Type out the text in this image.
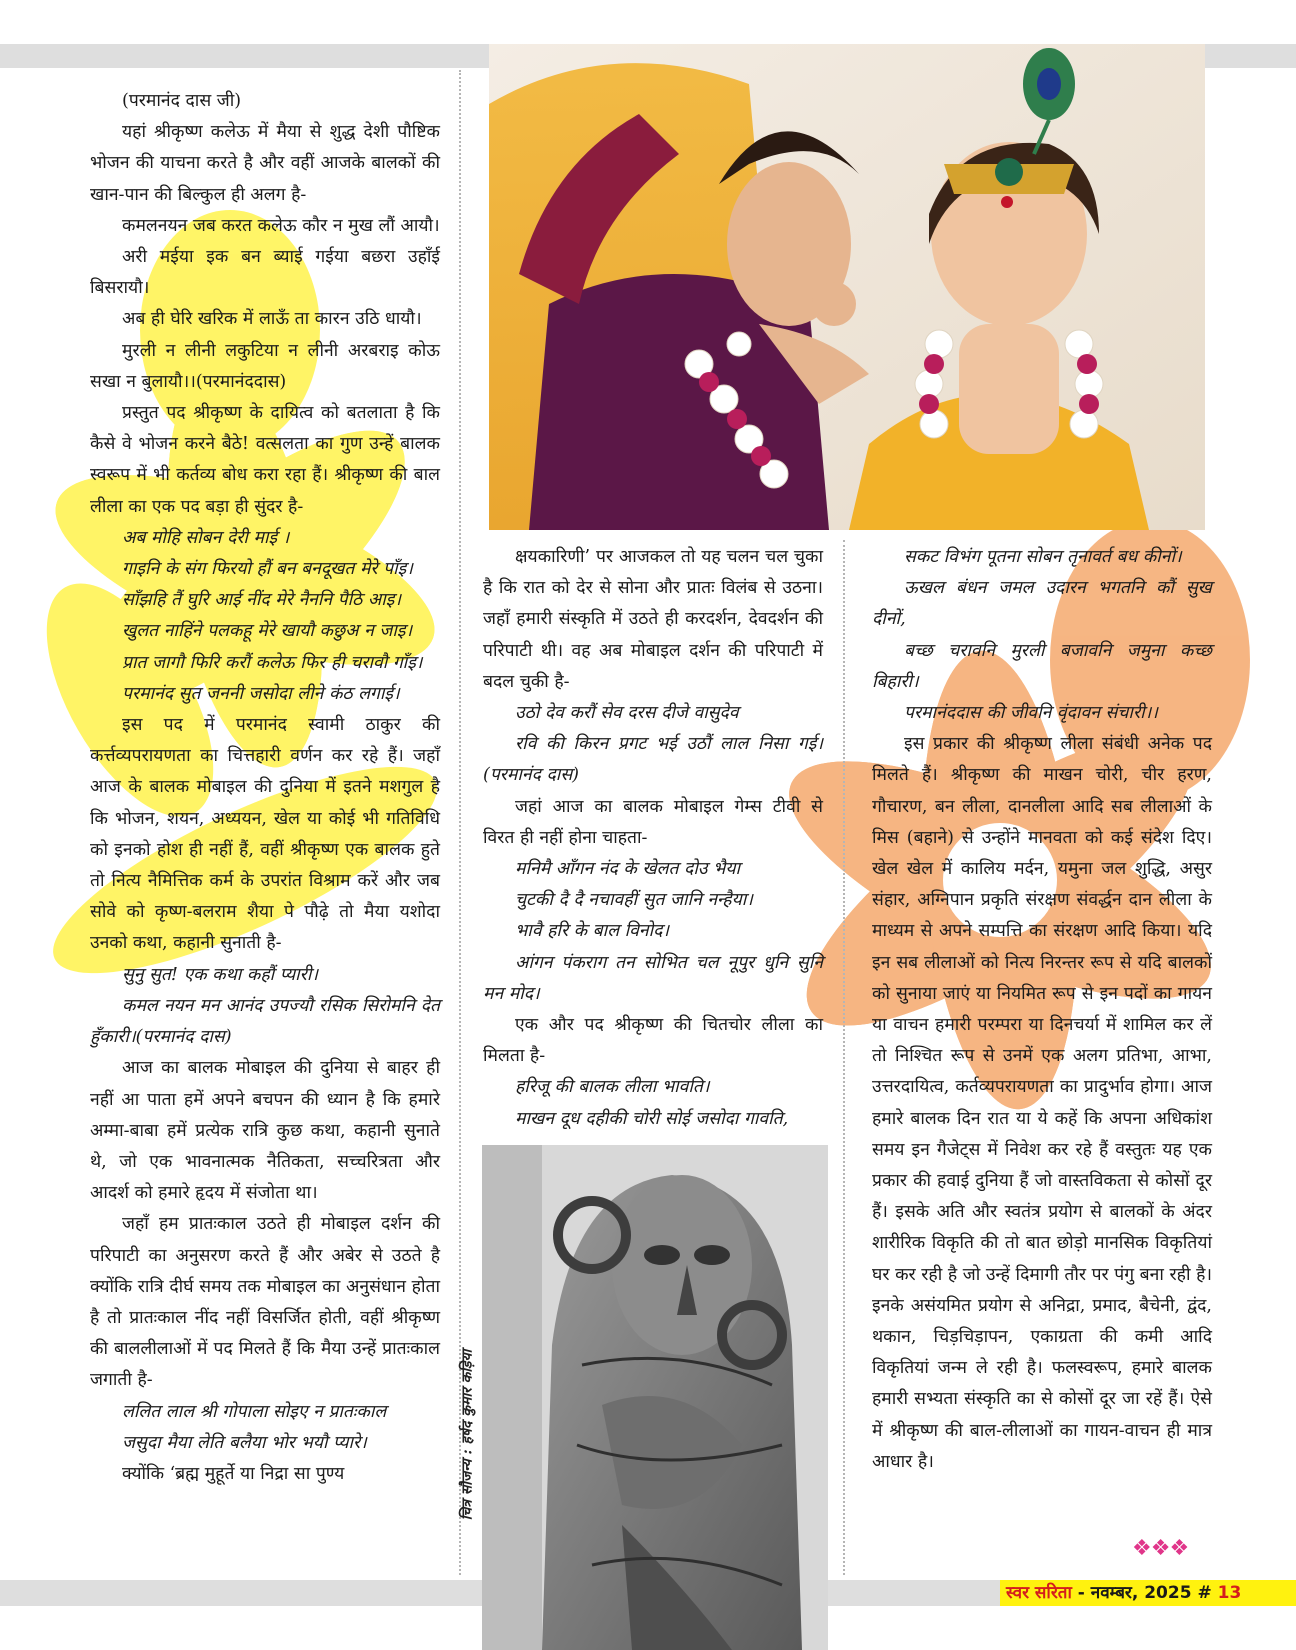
(परमानंद दास जी)

यहां श्रीकृष्ण कलेऊ में मैया से शुद्ध देशी पौष्टिक भोजन की याचना करते है और वहीं आजके बालकों की खान-पान की बिल्कुल ही अलग है-

कमलनयन जब करत कलेऊ कौर न मुख लौं आयौ।

अरी मईया इक बन ब्याई गईया बछरा उहाँई बिसरायौ।

अब ही घेरि खरिक में लाऊँ ता कारन उठि धायौ।

मुरली न लीनी लकुटिया न लीनी अरबराइ कोऊ सखा न बुलायौ।।(परमानंददास)

प्रस्तुत पद श्रीकृष्ण के दायित्व को बतलाता है कि कैसे वे भोजन करने बैठे! वत्सलता का गुण उन्हें बालक स्वरूप में भी कर्तव्य बोध करा रहा हैं। श्रीकृष्ण की बाल लीला का एक पद बड़ा ही सुंदर है-

अब मोहि सोबन देरी माई ।

गाइनि के संग फिरयो हौं बन बनदूखत मेरे पाँइ।

साँझहि तैं घुरि आई नींद मेरे नैननि पैठि आइ।

खुलत नाहिंने पलकहू मेरे खायौ कछुअ न जाइ।

प्रात जागौ फिरि करौं कलेऊ फिर ही चरावौ गाँइ।

परमानंद सुत जननी जसोदा लीने कंठ लगाई।

इस पद में परमानंद स्वामी ठाकुर की कर्त्तव्यपरायणता का चित्तहारी वर्णन कर रहे हैं। जहाँ आज के बालक मोबाइल की दुनिया में इतने मशगुल है कि भोजन, शयन, अध्ययन, खेल या कोई भी गतिविधि को इनको होश ही नहीं हैं, वहीं श्रीकृष्ण एक बालक हुते तो नित्य नैमित्तिक कर्म के उपरांत विश्राम करें और जब सोवे को कृष्ण-बलराम शैया पे पौढ़े तो मैया यशोदा उनको कथा, कहानी सुनाती है-

सुनु सुत! एक कथा कहौं प्यारी।

कमल नयन मन आनंद उपज्यौ रसिक सिरोमनि देत हुँकारी।(परमानंद दास)

आज का बालक मोबाइल की दुनिया से बाहर ही नहीं आ पाता हमें अपने बचपन की ध्यान है कि हमारे अम्मा-बाबा हमें प्रत्येक रात्रि कुछ कथा, कहानी सुनाते थे, जो एक भावनात्मक नैतिकता, सच्चरित्रता और आदर्श को हमारे हृदय में संजोता था।

जहाँ हम प्रातःकाल उठते ही मोबाइल दर्शन की परिपाटी का अनुसरण करते हैं और अबेर से उठते है क्योंकि रात्रि दीर्घ समय तक मोबाइल का अनुसंधान होता है तो प्रातःकाल नींद नहीं विसर्जित होती, वहीं श्रीकृष्ण की बाललीलाओं में पद मिलते हैं कि मैया उन्हें प्रातःकाल जगाती है-

ललित लाल श्री गोपाला सोइए न प्रातःकाल

जसुदा मैया लेति बलैया भोर भयौ प्यारे।

क्योंकि ‘ब्रह्म मुहूर्ते या निद्रा सा पुण्य

क्षयकारिणी’ पर आजकल तो यह चलन चल चुका है कि रात को देर से सोना और प्रातः विलंब से उठना। जहाँ हमारी संस्कृति में उठते ही करदर्शन, देवदर्शन की परिपाटी थी। वह अब मोबाइल दर्शन की परिपाटी में बदल चुकी है-

उठो देव करौं सेव दरस दीजे वासुदेव

रवि की किरन प्रगट भई उठौं लाल निसा गई।(परमानंद दास)

जहां आज का बालक मोबाइल गेम्स टीवी से विरत ही नहीं होना चाहता-

मनिमै आँगन नंद के खेलत दोउ भैया

चुटकी दै दै नचावहीं सुत जानि नन्हैया।

भावै हरि के बाल विनोद।

आंगन पंकराग तन सोभित चल नूपुर धुनि सुनि मन मोद।

एक और पद श्रीकृष्ण की चितचोर लीला का मिलता है-

हरिजू की बालक लीला भावति।

माखन दूध दहीकी चोरी सोई जसोदा गावति,

सकट विभंग पूतना सोबन तृनावर्त बध कीनों।

ऊखल बंधन जमल उदारन भगतनि कौं सुख दीनों,

बच्छ चरावनि मुरली बजावनि जमुना कच्छ बिहारी।

परमानंददास की जीवनि वृंदावन संचारी।।

इस प्रकार की श्रीकृष्ण लीला संबंधी अनेक पद मिलते हैं। श्रीकृष्ण की माखन चोरी, चीर हरण, गौचारण, बन लीला, दानलीला आदि सब लीलाओं के मिस (बहाने) से उन्होंने मानवता को कई संदेश दिए। खेल खेल में कालिय मर्दन, यमुना जल शुद्धि, असुर संहार, अग्निपान प्रकृति संरक्षण संवर्द्धन दान लीला के माध्यम से अपने सम्पत्ति का संरक्षण आदि किया। यदि इन सब लीलाओं को नित्य निरन्तर रूप से यदि बालकों को सुनाया जाएं या नियमित रूप से इन पदों का गायन या वाचन हमारी परम्परा या दिनचर्या में शामिल कर लें तो निश्चित रूप से उनमें एक अलग प्रतिभा, आभा, उत्तरदायित्व, कर्तव्यपरायणता का प्रादुर्भाव होगा। आज हमारे बालक दिन रात या ये कहें कि अपना अधिकांश समय इन गैजेट्स में निवेश कर रहे हैं वस्तुतः यह एक प्रकार की हवाई दुनिया हैं जो वास्तविकता से कोसों दूर हैं। इसके अति और स्वतंत्र प्रयोग से बालकों के अंदर शारीरिक विकृति की तो बात छोड़ो मानसिक विकृतियां घर कर रही है जो उन्हें दिमागी तौर पर पंगु बना रही है। इनके असंयमित प्रयोग से अनिद्रा, प्रमाद, बैचेनी, द्वंद, थकान, चिड़चिड़ापन, एकाग्रता की कमी आदि विकृतियां जन्म ले रही है। फलस्वरूप, हमारे बालक हमारी सभ्यता संस्कृति का से कोसों दूर जा रहें हैं। ऐसे में श्रीकृष्ण की बाल-लीलाओं का गायन-वाचन ही मात्र आधार है।

चित्र सौजन्य : हर्षद कुमार कड़िया
❖❖❖
स्वर सरिता - नवम्बर, 2025 # 13
